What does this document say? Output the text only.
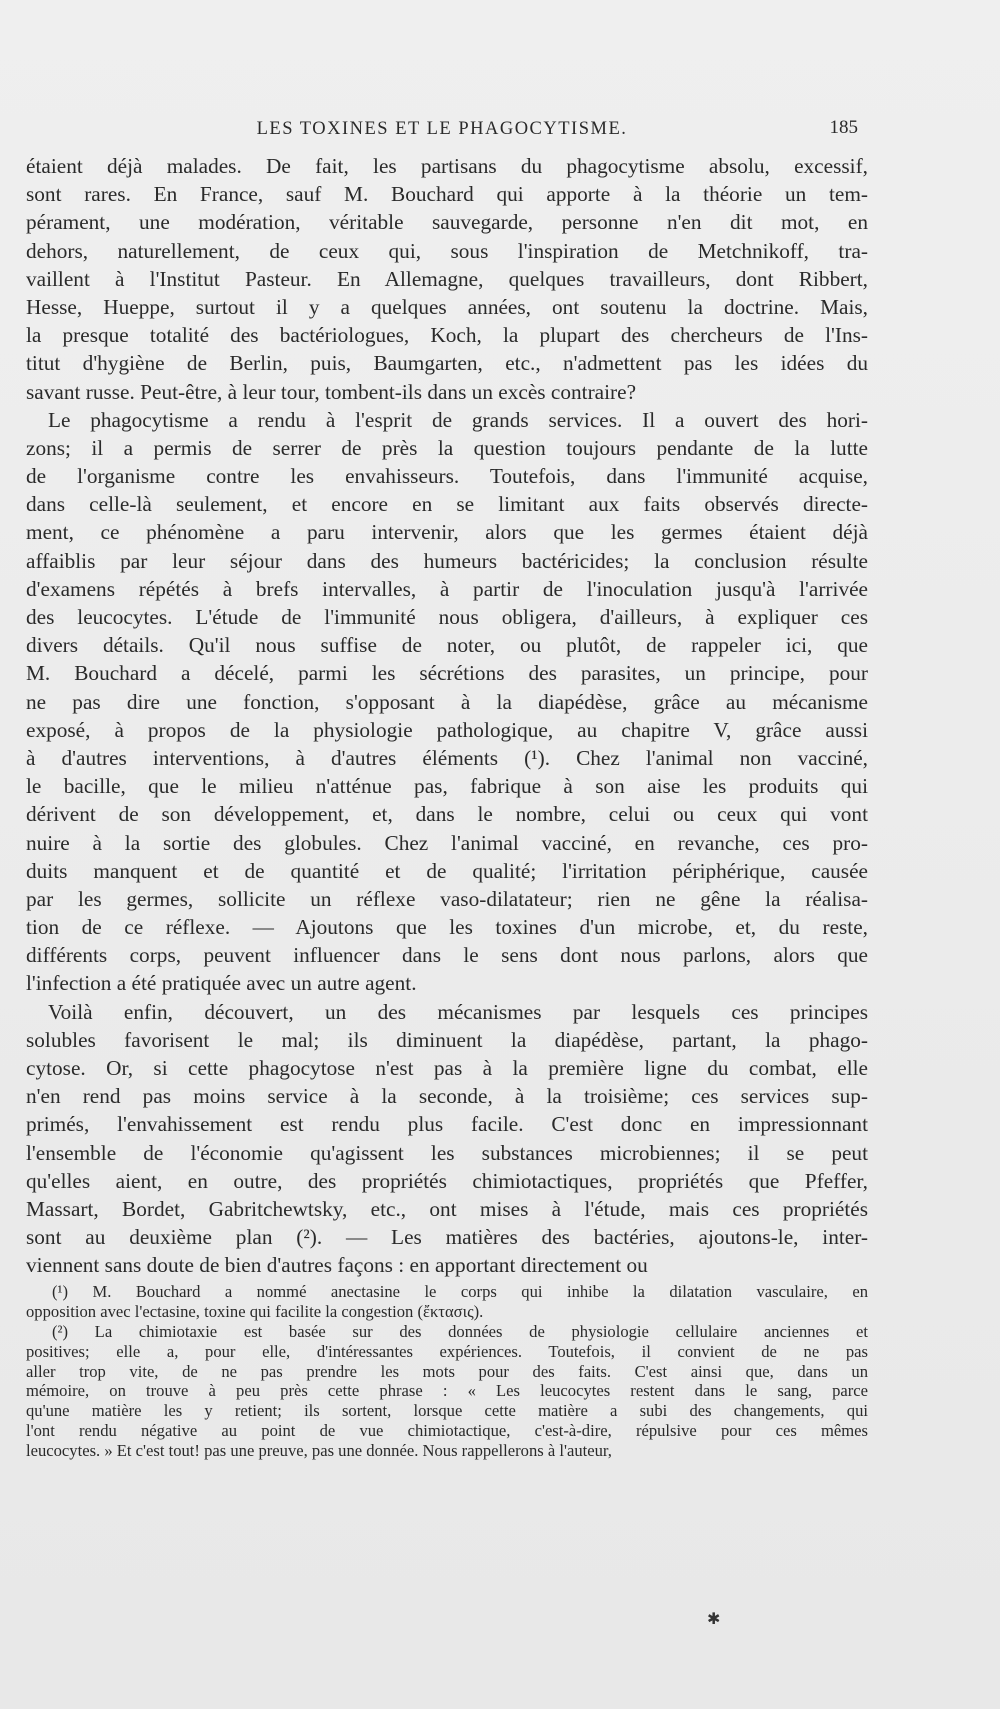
LES TOXINES ET LE PHAGOCYTISME.	185
étaient déjà malades. De fait, les partisans du phagocytisme absolu, excessif,
sont rares. En France, sauf M. Bouchard qui apporte à la théorie un tem-
pérament, une modération, véritable sauvegarde, personne n'en dit mot, en
dehors, naturellement, de ceux qui, sous l'inspiration de Metchnikoff, tra-
vaillent à l'Institut Pasteur. En Allemagne, quelques travailleurs, dont Ribbert,
Hesse, Hueppe, surtout il y a quelques années, ont soutenu la doctrine. Mais,
la presque totalité des bactériologues, Koch, la plupart des chercheurs de l'Ins-
titut d'hygiène de Berlin, puis, Baumgarten, etc., n'admettent pas les idées du
savant russe. Peut-être, à leur tour, tombent-ils dans un excès contraire?
Le phagocytisme a rendu à l'esprit de grands services. Il a ouvert des hori-
zons; il a permis de serrer de près la question toujours pendante de la lutte
de l'organisme contre les envahisseurs. Toutefois, dans l'immunité acquise,
dans celle-là seulement, et encore en se limitant aux faits observés directe-
ment, ce phénomène a paru intervenir, alors que les germes étaient déjà
affaiblis par leur séjour dans des humeurs bactéricides; la conclusion résulte
d'examens répétés à brefs intervalles, à partir de l'inoculation jusqu'à l'arrivée
des leucocytes. L'étude de l'immunité nous obligera, d'ailleurs, à expliquer ces
divers détails. Qu'il nous suffise de noter, ou plutôt, de rappeler ici, que
M. Bouchard a décelé, parmi les sécrétions des parasites, un principe, pour
ne pas dire une fonction, s'opposant à la diapédèse, grâce au mécanisme
exposé, à propos de la physiologie pathologique, au chapitre V, grâce aussi
à d'autres interventions, à d'autres éléments (¹). Chez l'animal non vacciné,
le bacille, que le milieu n'atténue pas, fabrique à son aise les produits qui
dérivent de son développement, et, dans le nombre, celui ou ceux qui vont
nuire à la sortie des globules. Chez l'animal vacciné, en revanche, ces pro-
duits manquent et de quantité et de qualité; l'irritation périphérique, causée
par les germes, sollicite un réflexe vaso-dilatateur; rien ne gêne la réalisa-
tion de ce réflexe. — Ajoutons que les toxines d'un microbe, et, du reste,
différents corps, peuvent influencer dans le sens dont nous parlons, alors que
l'infection a été pratiquée avec un autre agent.
Voilà enfin, découvert, un des mécanismes par lesquels ces principes
solubles favorisent le mal; ils diminuent la diapédèse, partant, la phago-
cytose. Or, si cette phagocytose n'est pas à la première ligne du combat, elle
n'en rend pas moins service à la seconde, à la troisième; ces services sup-
primés, l'envahissement est rendu plus facile. C'est donc en impressionnant
l'ensemble de l'économie qu'agissent les substances microbiennes; il se peut
qu'elles aient, en outre, des propriétés chimiotactiques, propriétés que Pfeffer,
Massart, Bordet, Gabritchewtsky, etc., ont mises à l'étude, mais ces propriétés
sont au deuxième plan (²). — Les matières des bactéries, ajoutons-le, inter-
viennent sans doute de bien d'autres façons : en apportant directement ou
(¹) M. Bouchard a nommé anectasine le corps qui inhibe la dilatation vasculaire, en
opposition avec l'ectasine, toxine qui facilite la congestion (ἔκτασις).
(²) La chimiotaxie est basée sur des données de physiologie cellulaire anciennes et
positives; elle a, pour elle, d'intéressantes expériences. Toutefois, il convient de ne pas
aller trop vite, de ne pas prendre les mots pour des faits. C'est ainsi que, dans un
mémoire, on trouve à peu près cette phrase : « Les leucocytes restent dans le sang, parce
qu'une matière les y retient; ils sortent, lorsque cette matière a subi des changements, qui
l'ont rendu négative au point de vue chimiotactique, c'est-à-dire, répulsive pour ces mêmes
leucocytes. » Et c'est tout! pas une preuve, pas une donnée. Nous rappellerons à l'auteur,
✱
